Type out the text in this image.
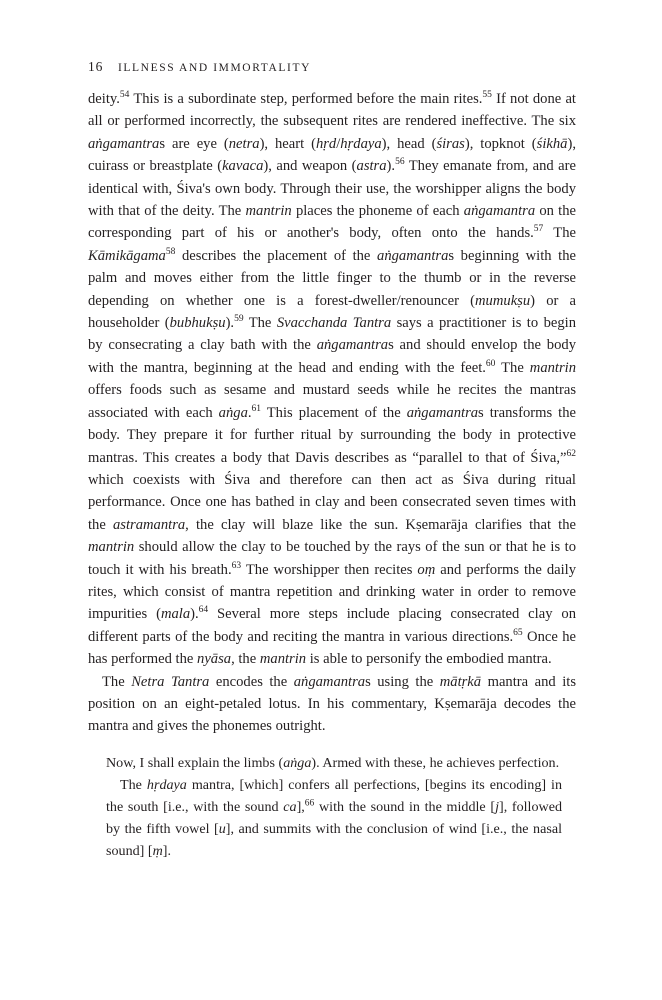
16 ILLNESS AND IMMORTALITY

deity.$^{54}$ This is a subordinate step, performed before the main rites.$^{55}$ If not done at all or performed incorrectly, the subsequent rites are rendered ineffective. The six aṅgamantras are eye (netra), heart (hṛd/hṛdaya), head (śiras), topknot (śikhā), cuirass or breastplate (kavaca), and weapon (astra).$^{56}$ They emanate from, and are identical with, Śiva's own body. Through their use, the worshipper aligns the body with that of the deity. The mantrin places the phoneme of each aṅgamantra on the corresponding part of his or another's body, often onto the hands.$^{57}$ The Kāmikāgama$^{58}$ describes the placement of the aṅgamantras beginning with the palm and moves either from the little finger to the thumb or in the reverse depending on whether one is a forest-dweller/renouncer (mumukṣu) or a householder (bubhukṣu).$^{59}$ The Svacchanda Tantra says a practitioner is to begin by consecrating a clay bath with the aṅgamantras and should envelop the body with the mantra, beginning at the head and ending with the feet.$^{60}$ The mantrin offers foods such as sesame and mustard seeds while he recites the mantras associated with each aṅga.$^{61}$ This placement of the aṅgamantras transforms the body. They prepare it for further ritual by surrounding the body in protective mantras. This creates a body that Davis describes as “parallel to that of Śiva,”$^{62}$ which coexists with Śiva and therefore can then act as Śiva during ritual performance. Once one has bathed in clay and been consecrated seven times with the astramantra, the clay will blaze like the sun. Kṣemarāja clarifies that the mantrin should allow the clay to be touched by the rays of the sun or that he is to touch it with his breath.$^{63}$ The worshipper then recites oṃ and performs the daily rites, which consist of mantra repetition and drinking water in order to remove impurities (mala).$^{64}$ Several more steps include placing consecrated clay on different parts of the body and reciting the mantra in various directions.$^{65}$ Once he has performed the nyāsa, the mantrin is able to personify the embodied mantra.

The Netra Tantra encodes the aṅgamantras using the mātṛkā mantra and its position on an eight-petaled lotus. In his commentary, Kṣemarāja decodes the mantra and gives the phonemes outright.

Now, I shall explain the limbs (aṅga). Armed with these, he achieves perfection.

The hṛdaya mantra, [which] confers all perfections, [begins its encoding] in the south [i.e., with the sound ca],$^{66}$ with the sound in the middle [j], followed by the fifth vowel [u], and summits with the conclusion of wind [i.e., the nasal sound] [ṃ].
